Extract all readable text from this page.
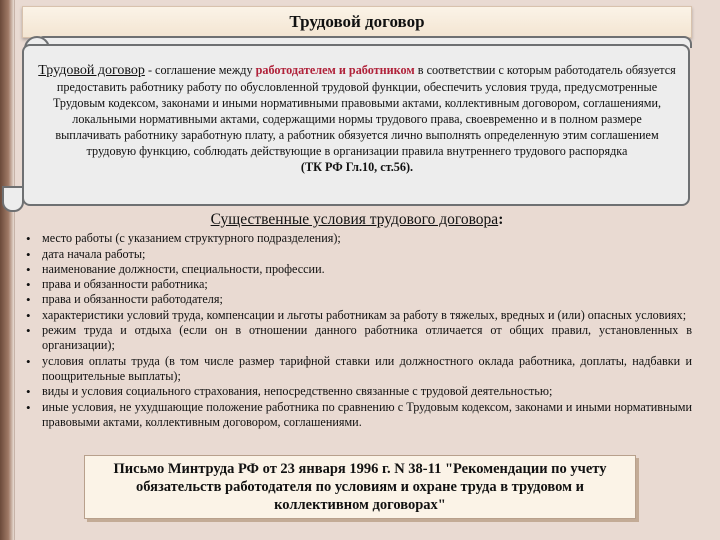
Трудовой договор
Трудовой договор - соглашение между работодателем и работником в соответствии с которым работодатель обязуется предоставить работнику работу по обусловленной трудовой функции, обеспечить условия труда, предусмотренные Трудовым кодексом, законами и иными нормативными правовыми актами, коллективным договором, соглашениями, локальными нормативными актами, содержащими нормы трудового права, своевременно и в полном размере выплачивать работнику заработную плату, а работник обязуется лично выполнять определенную этим соглашением трудовую функцию, соблюдать действующие в организации правила внутреннего трудового распорядка
(ТК РФ Гл.10, ст.56).
Существенные условия трудового договора:
• место работы (с указанием структурного подразделения);
• дата начала работы;
• наименование должности, специальности, профессии.
• права и обязанности работника;
• права и обязанности работодателя;
• характеристики условий труда, компенсации и льготы работникам за работу в тяжелых, вредных и (или) опасных условиях;
• режим труда и отдыха (если он в отношении данного работника отличается от общих правил, установленных в организации);
• условия оплаты труда (в том числе размер тарифной ставки или должностного оклада работника, доплаты, надбавки и поощрительные выплаты);
• виды и условия социального страхования, непосредственно связанные с трудовой деятельностью;
• иные условия, не ухудшающие положение работника по сравнению с Трудовым кодексом, законами и иными нормативными правовыми актами, коллективным договором, соглашениями.
Письмо Минтруда РФ от 23 января 1996 г. N 38-11 "Рекомендации по учету обязательств работодателя по условиям и охране труда в трудовом и коллективном договорах"
